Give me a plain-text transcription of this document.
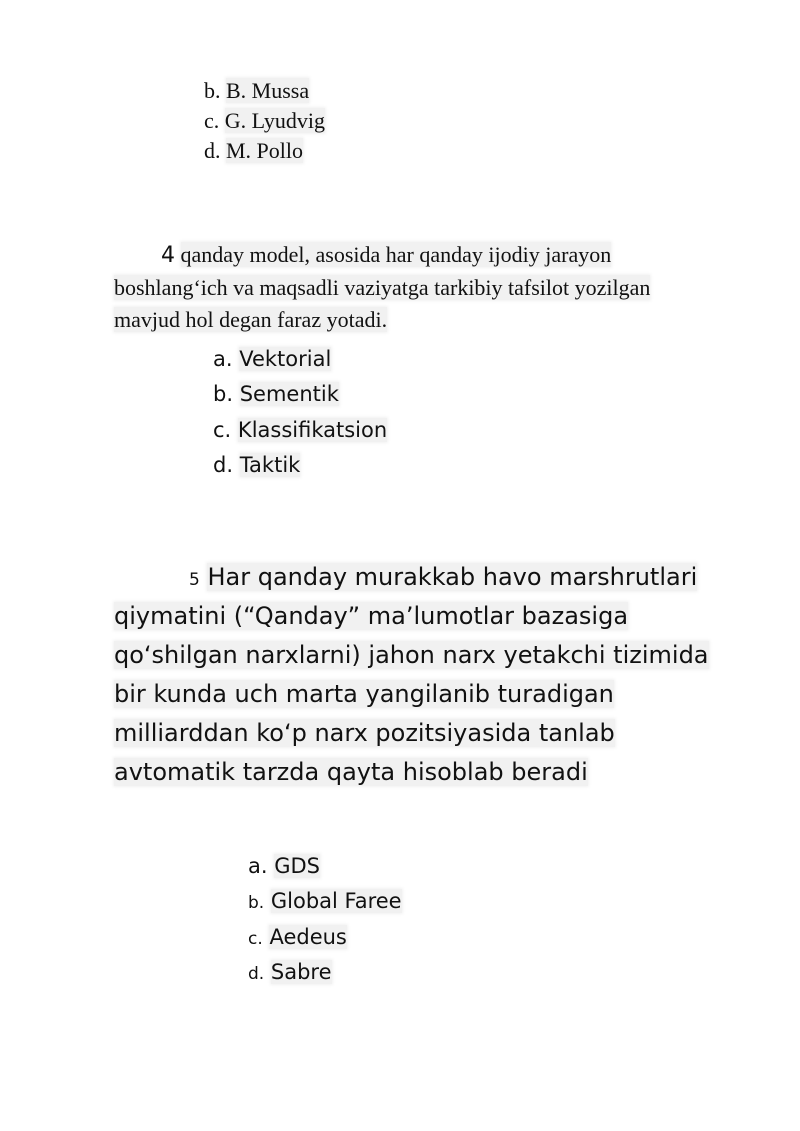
b. B. Mussa
c. G. Lyudvig
d. M. Pollo
4 qanday model, asosida har qanday ijodiy jarayon
boshlang‘ich va maqsadli vaziyatga tarkibiy tafsilot yozilgan
mavjud hol degan faraz yotadi.
a. Vektorial
b. Sementik
c. Klassifikatsion
d. Taktik
5 Har qanday murakkab havo marshrutlari
qiymatini (“Qanday” ma’lumotlar bazasiga
qo‘shilgan narxlarni) jahon narx yetakchi tizimida
bir kunda uch marta yangilanib turadigan
milliarddan ko‘p narx pozitsiyasida tanlab
avtomatik tarzda qayta hisoblab beradi
a. GDS
b. Global Faree
c. Aedeus
d. Sabre
